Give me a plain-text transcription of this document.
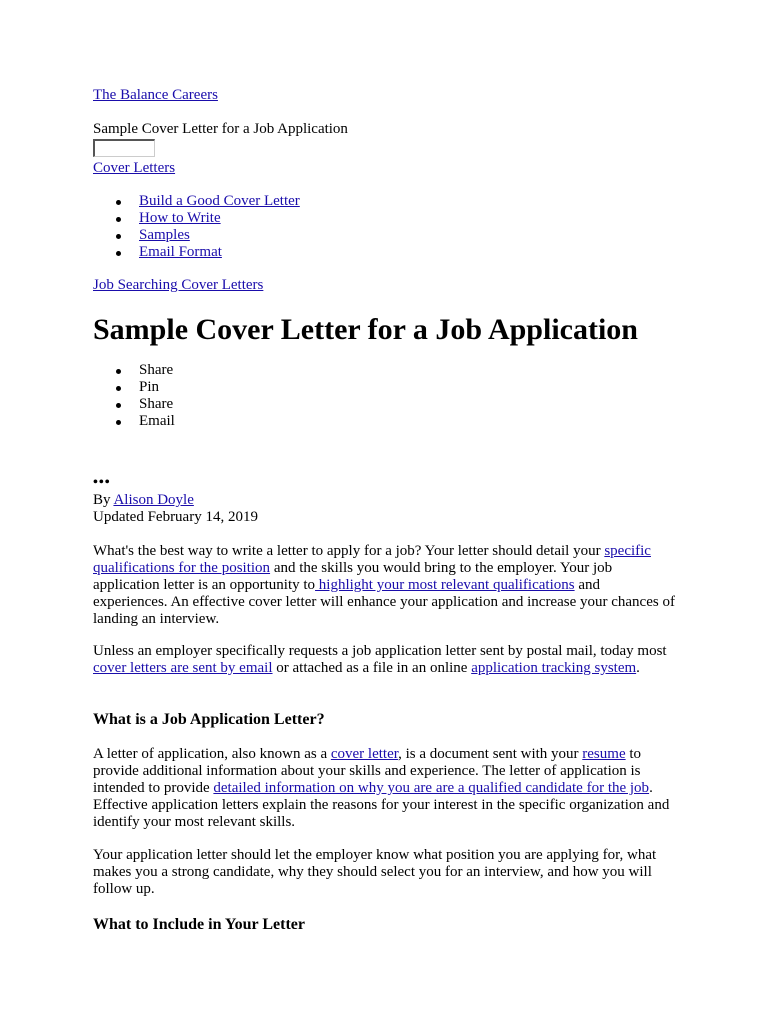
The Balance Careers
Sample Cover Letter for a Job Application
Cover Letters
Build a Good Cover Letter
How to Write
Samples
Email Format
Job Searching Cover Letters
Sample Cover Letter for a Job Application
Share
Pin
Share
Email
•••
By Alison Doyle
Updated February 14, 2019

What's the best way to write a letter to apply for a job? Your letter should detail your specific qualifications for the position and the skills you would bring to the employer. Your job application letter is an opportunity to highlight your most relevant qualifications and experiences. An effective cover letter will enhance your application and increase your chances of landing an interview.

Unless an employer specifically requests a job application letter sent by postal mail, today most cover letters are sent by email or attached as a file in an online application tracking system.

What is a Job Application Letter?

A letter of application, also known as a cover letter, is a document sent with your resume to provide additional information about your skills and experience. The letter of application is intended to provide detailed information on why you are are a qualified candidate for the job. Effective application letters explain the reasons for your interest in the specific organization and identify your most relevant skills.

Your application letter should let the employer know what position you are applying for, what makes you a strong candidate, why they should select you for an interview, and how you will follow up.

What to Include in Your Letter
